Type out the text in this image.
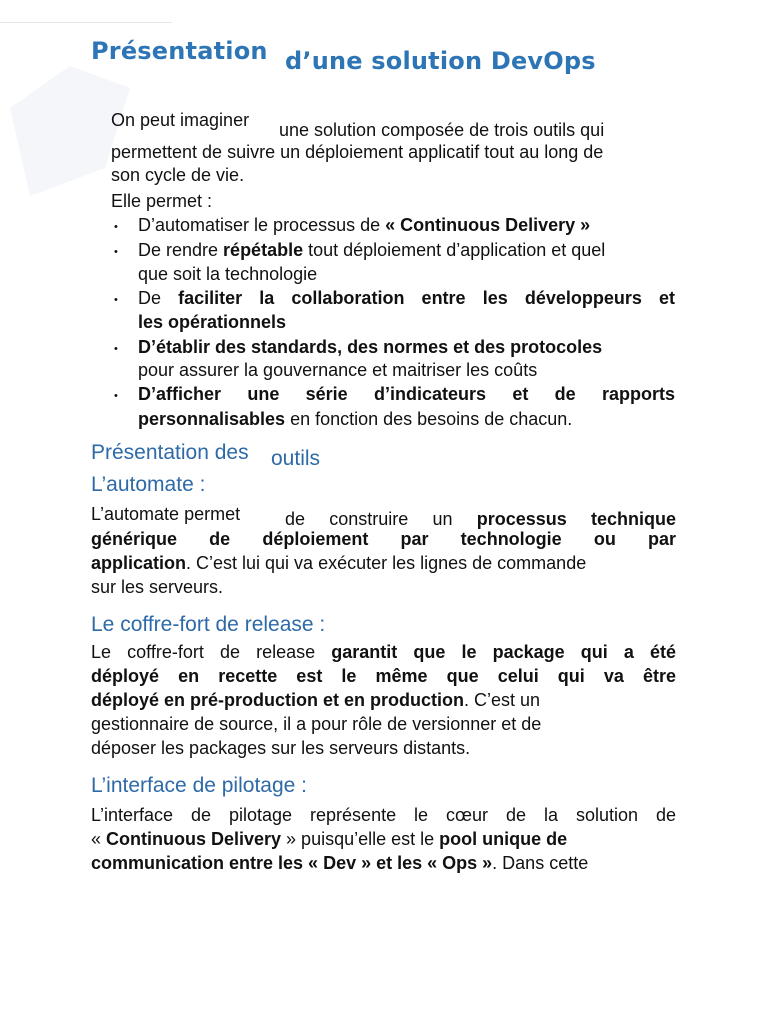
Présentation d’une solution DevOps
On peut imaginer une solution composée de trois outils qui
permettent de suivre un déploiement applicatif tout au long de
son cycle de vie.
Elle permet :
• D’automatiser le processus de « Continuous Delivery »
• De rendre répétable tout déploiement d’application et quel
que soit la technologie
• De faciliter la collaboration entre les développeurs et
les opérationnels
• D’établir des standards, des normes et des protocoles
pour assurer la gouvernance et maitriser les coûts
• D’afficher une série d’indicateurs et de rapports
personnalisables en fonction des besoins de chacun.
Présentation des outils
L’automate :
L’automate permet de construire un processus technique
générique de déploiement par technologie ou par
application. C’est lui qui va exécuter les lignes de commande
sur les serveurs.
Le coffre-fort de release :
Le coffre-fort de release garantit que le package qui a été
déployé en recette est le même que celui qui va être
déployé en pré-production et en production. C’est un
gestionnaire de source, il a pour rôle de versionner et de
déposer les packages sur les serveurs distants.
L’interface de pilotage :
L’interface de pilotage représente le cœur de la solution de
« Continuous Delivery » puisqu’elle est le pool unique de
communication entre les « Dev » et les « Ops ». Dans cette
